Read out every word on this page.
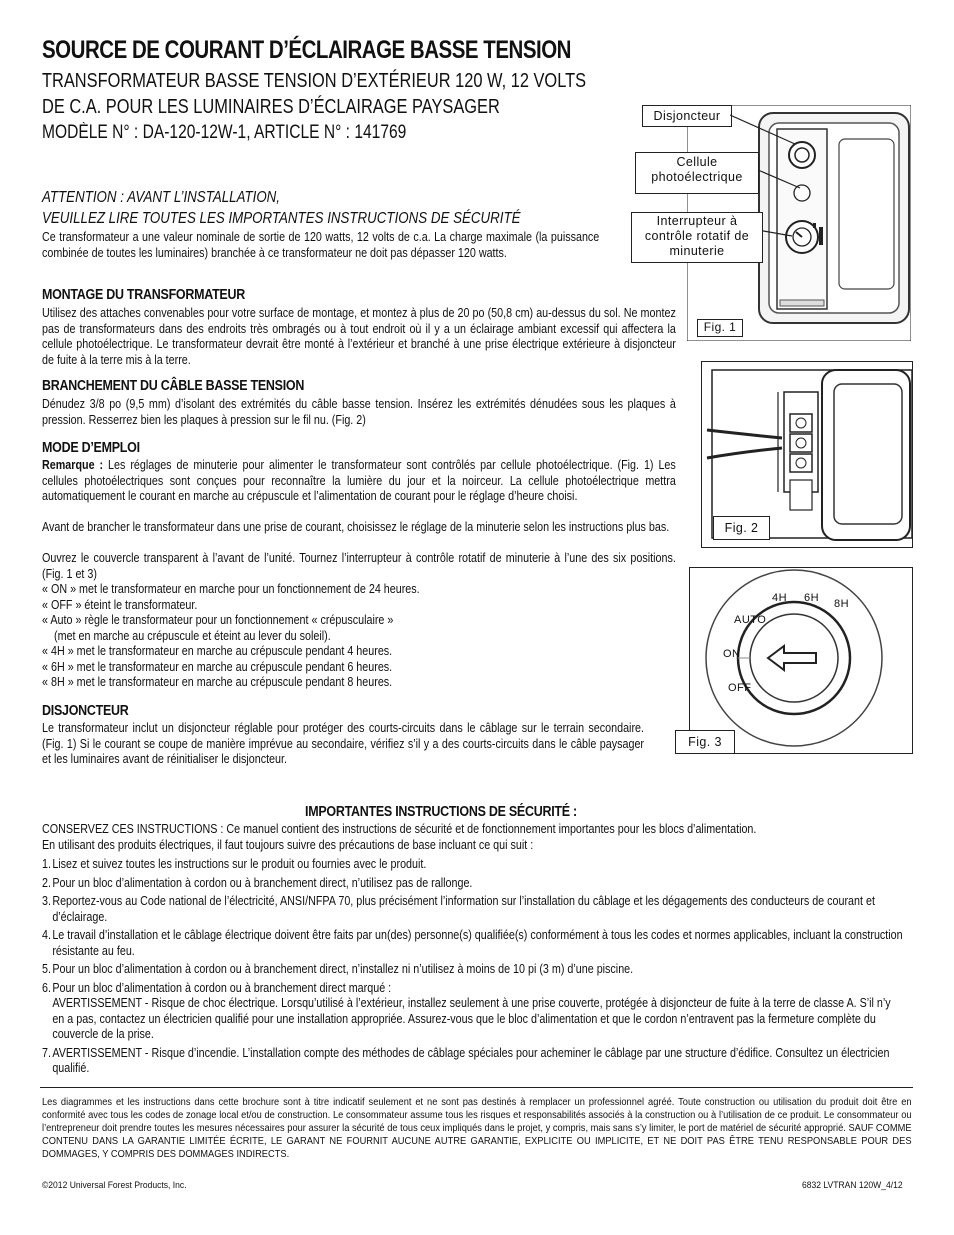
SOURCE DE COURANT D’ÉCLAIRAGE BASSE TENSION
TRANSFORMATEUR BASSE TENSION D’EXTÉRIEUR 120 W, 12 VOLTS
DE C.A. POUR LES LUMINAIRES D’ÉCLAIRAGE PAYSAGER
MODÈLE N° : DA-120-12W-1, ARTICLE N° : 141769
ATTENTION : AVANT L’INSTALLATION,
VEUILLEZ LIRE TOUTES LES IMPORTANTES INSTRUCTIONS DE SÉCURITÉ
Ce transformateur a une valeur nominale de sortie de 120 watts, 12 volts de c.a. La charge maximale (la puissance combinée de toutes les luminaires) branchée à ce transformateur ne doit pas dépasser 120 watts.
MONTAGE DU TRANSFORMATEUR
Utilisez des attaches convenables pour votre surface de montage, et montez à plus de 20 po (50,8 cm) au-dessus du sol. Ne montez pas de transformateurs dans des endroits très ombragés ou à tout endroit où il y a un éclairage ambiant excessif qui affectera la cellule photoélectrique. Le transformateur devrait être monté à l’extérieur et branché à une prise électrique extérieure à disjoncteur de fuite à la terre mis à la terre.
BRANCHEMENT DU CÂBLE BASSE TENSION
Dénudez 3/8 po (9,5 mm) d’isolant des extrémités du câble basse tension. Insérez les extrémités dénudées sous les plaques à pression. Resserrez bien les plaques à pression sur le fil nu. (Fig. 2)
MODE D’EMPLOI
Remarque : Les réglages de minuterie pour alimenter le transformateur sont contrôlés par cellule photoélectrique. (Fig. 1) Les cellules photoélectriques sont conçues pour reconnaître la lumière du jour et la noirceur. La cellule photoélectrique mettra automatiquement le courant en marche au crépuscule et l’alimentation de courant pour le réglage d’heure choisi.
Avant de brancher le transformateur dans une prise de courant, choisissez le réglage de la minuterie selon les instructions plus bas.
Ouvrez le couvercle transparent à l’avant de l’unité. Tournez l’interrupteur à contrôle rotatif de minuterie à l’une des six positions. (Fig. 1 et 3)

« ON » met le transformateur en marche pour un fonctionnement de 24 heures.

« OFF » éteint le transformateur.

« Auto » règle le transformateur pour un fonctionnement « crépusculaire »

(met en marche au crépuscule et éteint au lever du soleil).

« 4H » met le transformateur en marche au crépuscule pendant 4 heures.

« 6H » met le transformateur en marche au crépuscule pendant 6 heures.

« 8H » met le transformateur en marche au crépuscule pendant 8 heures.

DISJONCTEUR
Le transformateur inclut un disjoncteur réglable pour protéger des courts-circuits dans le câblage sur le terrain secondaire. (Fig. 1) Si le courant se coupe de manière imprévue au secondaire, vérifiez s’il y a des courts-circuits dans le câble paysager et les luminaires avant de réinitialiser le disjoncteur.
Fig. 1
Disjoncteur
Cellule photoélectrique
Interrupteur à contrôle rotatif de minuterie
Fig. 2
4H 6H 8H
AUTO
ON
OFF
Fig. 3
IMPORTANTES INSTRUCTIONS DE SÉCURITÉ :
CONSERVEZ CES INSTRUCTIONS : Ce manuel contient des instructions de sécurité et de fonctionnement importantes pour les blocs d’alimentation.
En utilisant des produits électriques, il faut toujours suivre des précautions de base incluant ce qui suit :
1. Lisez et suivez toutes les instructions sur le produit ou fournies avec le produit.
2. Pour un bloc d’alimentation à cordon ou à branchement direct, n’utilisez pas de rallonge.
3. Reportez-vous au Code national de l’électricité, ANSI/NFPA 70, plus précisément l’information sur l’installation du câblage et les dégagements des conducteurs de courant et d’éclairage.
4. Le travail d’installation et le câblage électrique doivent être faits par un(des) personne(s) qualifiée(s) conformément à tous les codes et normes applicables, incluant la construction résistante au feu.
5. Pour un bloc d’alimentation à cordon ou à branchement direct, n’installez ni n’utilisez à moins de 10 pi (3 m) d’une piscine.
6. Pour un bloc d’alimentation à cordon ou à branchement direct marqué :
AVERTISSEMENT - Risque de choc électrique. Lorsqu’utilisé à l’extérieur, installez seulement à une prise couverte, protégée à disjoncteur de fuite à la terre de classe A. S’il n’y en a pas, contactez un électricien qualifié pour une installation appropriée. Assurez-vous que le bloc d’alimentation et que le cordon n’entravent pas la fermeture complète du couvercle de la prise.
7. AVERTISSEMENT - Risque d’incendie. L’installation compte des méthodes de câblage spéciales pour acheminer le câblage par une structure d’édifice. Consultez un électricien qualifié.
Les diagrammes et les instructions dans cette brochure sont à titre indicatif seulement et ne sont pas destinés à remplacer un professionnel agréé. Toute construction ou utilisation du produit doit être en conformité avec tous les codes de zonage local et/ou de construction. Le consommateur assume tous les risques et responsabilités associés à la construction ou à l’utilisation de ce produit. Le consommateur ou l’entrepreneur doit prendre toutes les mesures nécessaires pour assurer la sécurité de tous ceux impliqués dans le projet, y compris, mais sans s’y limiter, le port de matériel de sécurité approprié. SAUF COMME CONTENU DANS LA GARANTIE LIMITÉE ÉCRITE, LE GARANT NE FOURNIT AUCUNE AUTRE GARANTIE, EXPLICITE OU IMPLICITE, ET NE DOIT PAS ÊTRE TENU RESPONSABLE POUR DES DOMMAGES, Y COMPRIS DES DOMMAGES INDIRECTS.
©2012 Universal Forest Products, Inc.	6832 LVTRAN 120W_4/12
